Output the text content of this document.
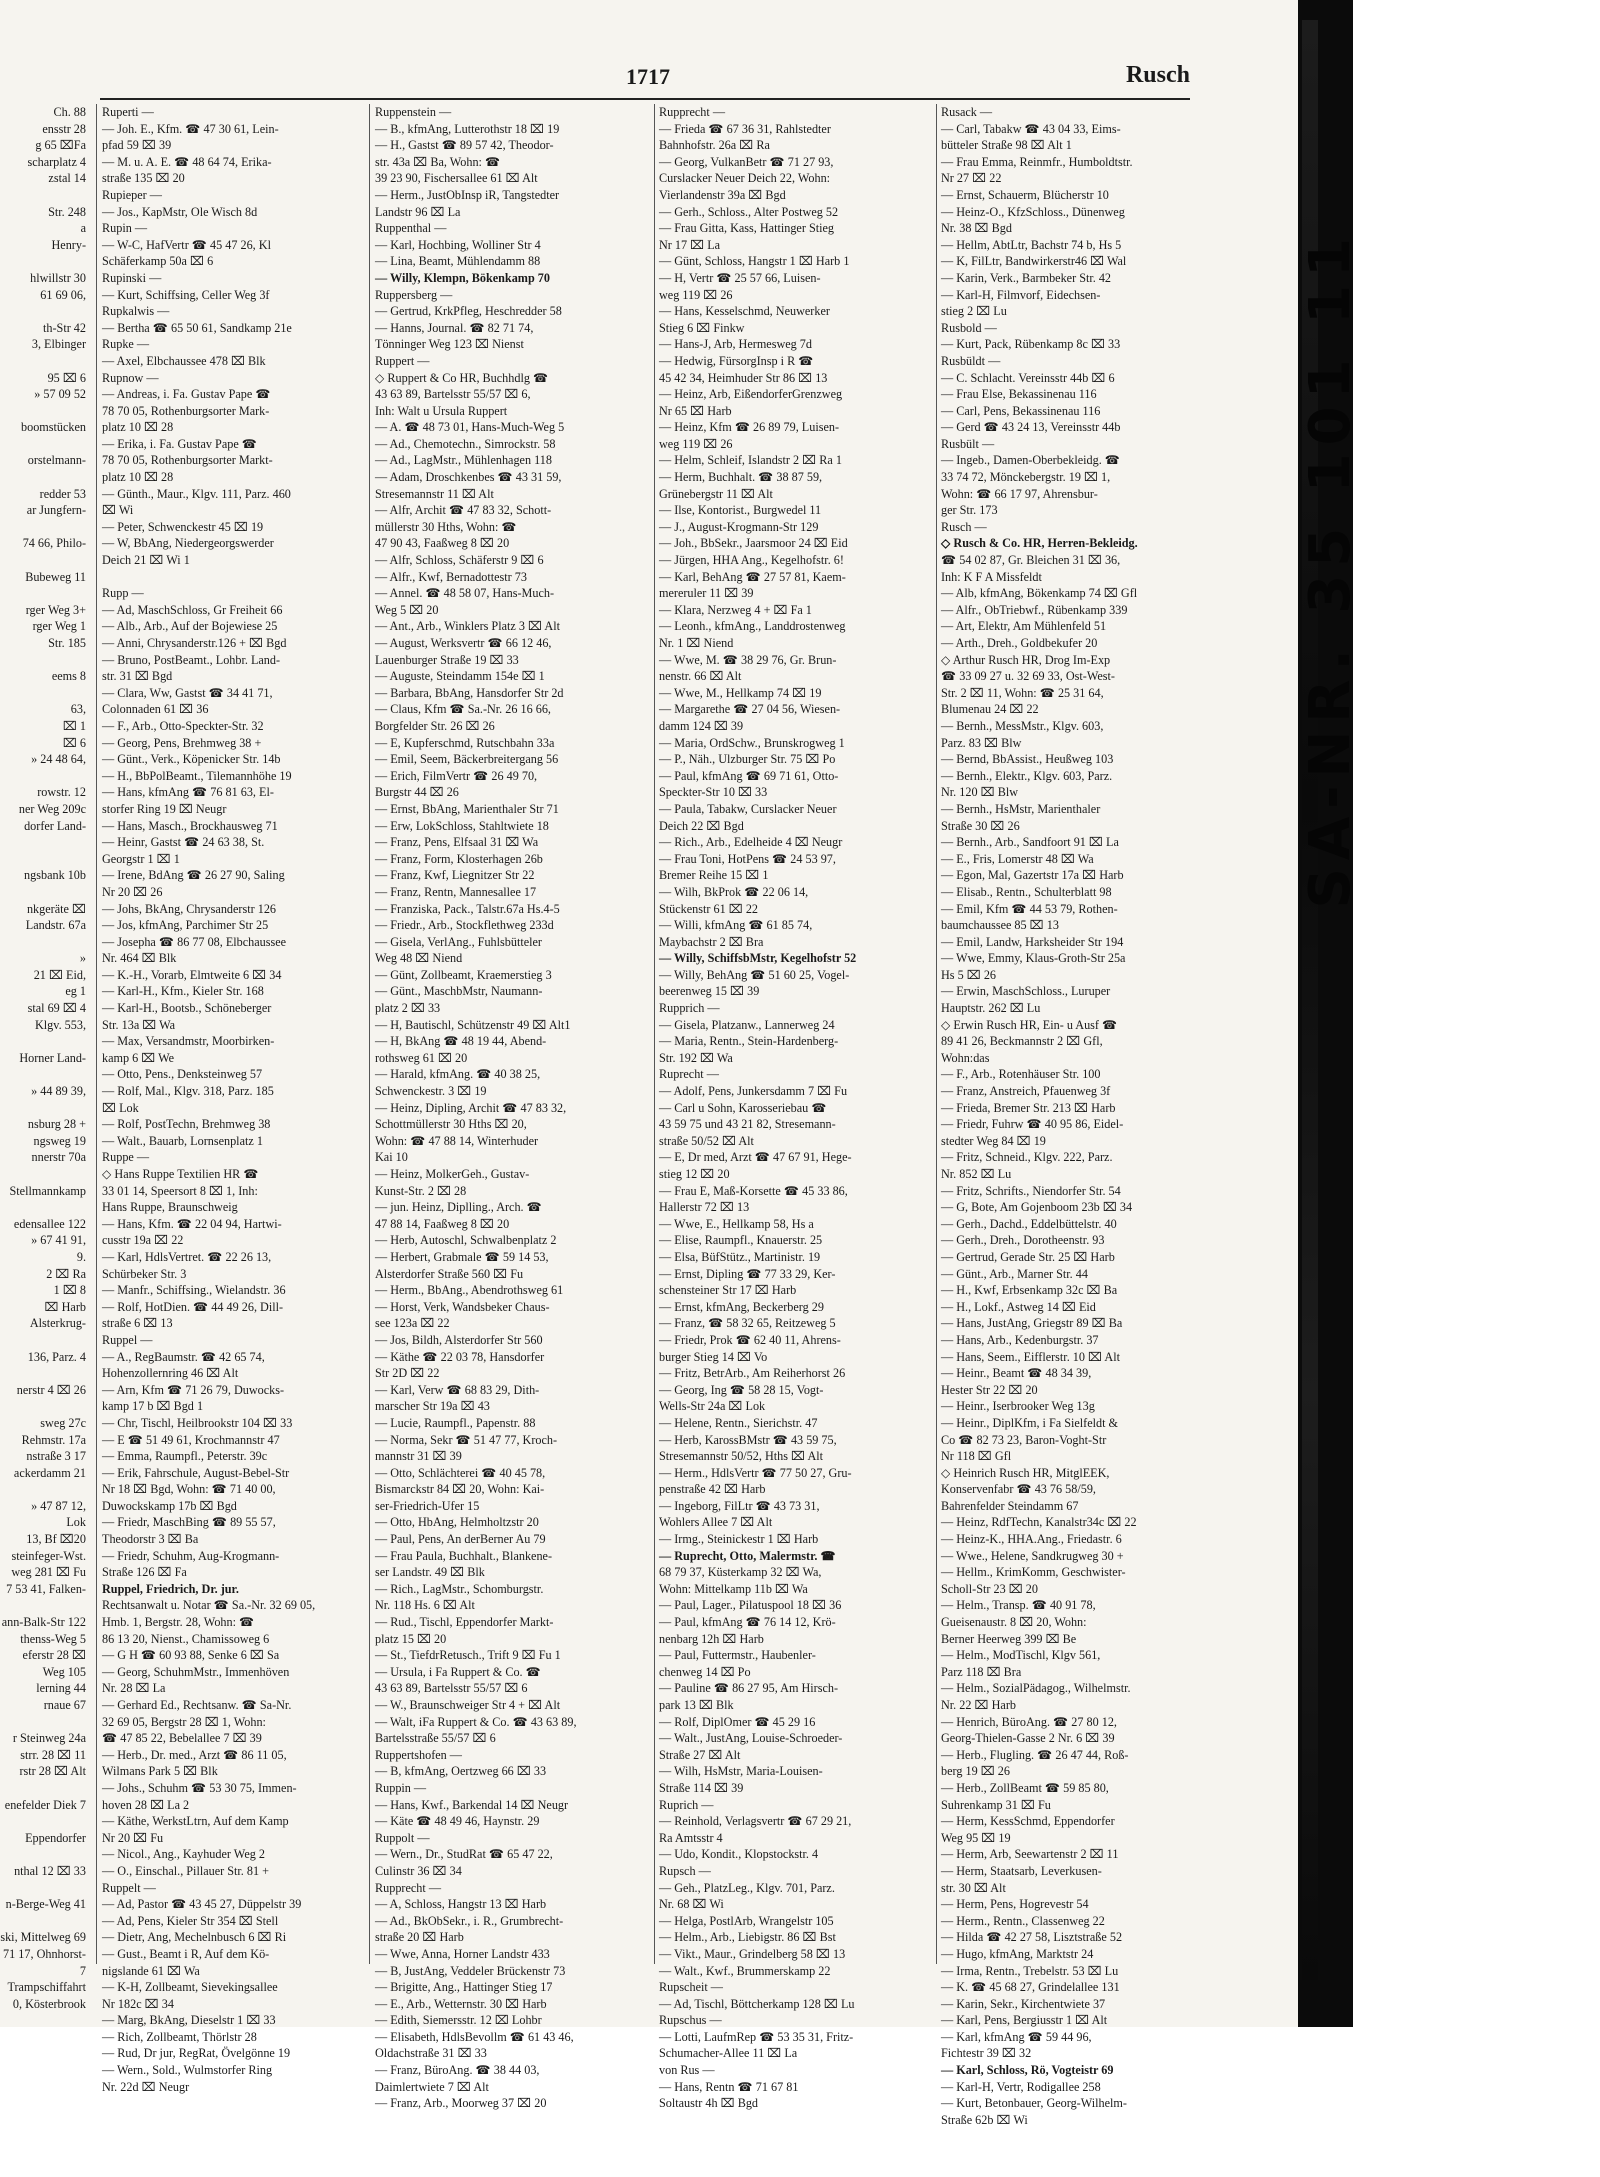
1717	Rusch
Ch. 88
ensstr 28
g 65 ⌧Fa
scharplatz 4
zstal 14

Str. 248
a
Henry-

hlwillstr 30
61 69 06,

th-Str 42
3, Elbinger

95 ⌧ 6
» 57 09 52

boomstücken

orstelmann-

redder 53
ar Jungfern-

74 66, Philo-

Bubeweg 11

rger Weg 3+
rger Weg 1
Str. 185

eems 8

63,
⌧ 1
⌧ 6
» 24 48 64,

rowstr. 12
ner Weg 209c
dorfer Land-

ngsbank 10b

nkgeräte ⌧
Landstr. 67a

»
21 ⌧ Eid,
eg 1
stal 69 ⌧ 4
Klgv. 553,

Horner Land-

» 44 89 39,

nsburg 28 +
ngsweg 19
nnerstr 70a

Stellmannkamp

edensallee 122
» 67 41 91,
9.
2 ⌧ Ra
1 ⌧ 8
⌧ Harb
Alsterkrug-

136, Parz. 4

nerstr 4 ⌧ 26

sweg 27c
Rehmstr. 17a
nstraße 3 17
ackerdamm 21

» 47 87 12,
Lok
13, Bf ⌧20
steinfeger-Wst.
weg 281 ⌧ Fu
7 53 41, Falken-

ann-Balk-Str 122
thenss-Weg 5
eferstr 28 ⌧
Weg 105
lerning 44
rnaue 67

r Steinweg 24a
strr. 28 ⌧ 11
rstr 28 ⌧ Alt

enefelder Diek 7

Eppendorfer

nthal 12 ⌧ 33

n-Berge-Weg 41

ski, Mittelweg 69
71 17, Ohnhorst-
7
Trampschiffahrt
0, Kösterbrook
Ruperti —
— Joh. E., Kfm. ☎ 47 30 61, Lein-
pfad 59 ⌧ 39
— M. u. A. E. ☎ 48 64 74, Erika-
straße 135 ⌧ 20
Rupieper —
— Jos., KapMstr, Ole Wisch 8d
Rupin —
— W-C, HafVertr ☎ 45 47 26, Kl
Schäferkamp 50a ⌧ 6
Rupinski —
— Kurt, Schiffsing, Celler Weg 3f
Rupkalwis —
— Bertha ☎ 65 50 61, Sandkamp 21e
Rupke —
— Axel, Elbchaussee 478 ⌧ Blk
Rupnow —
— Andreas, i. Fa. Gustav Pape ☎
78 70 05, Rothenburgsorter Mark-
platz 10 ⌧ 28
— Erika, i. Fa. Gustav Pape ☎
78 70 05, Rothenburgsorter Markt-
platz 10 ⌧ 28
— Günth., Maur., Klgv. 111, Parz. 460
⌧ Wi
— Peter, Schwenckestr 45 ⌧ 19
— W, BbAng, Niedergeorgswerder
Deich 21 ⌧ Wi 1

Rupp —
— Ad, MaschSchloss, Gr Freiheit 66
— Alb., Arb., Auf der Bojewiese 25
— Anni, Chrysanderstr.126 + ⌧ Bgd
— Bruno, PostBeamt., Lohbr. Land-
str. 31 ⌧ Bgd
— Clara, Ww, Gastst ☎ 34 41 71,
Colonnaden 61 ⌧ 36
— F., Arb., Otto-Speckter-Str. 32
— Georg, Pens, Brehmweg 38 +
— Günt., Verk., Köpenicker Str. 14b
— H., BbPolBeamt., Tilemannhöhe 19
— Hans, kfmAng ☎ 76 81 63, El-
storfer Ring 19 ⌧ Neugr
— Hans, Masch., Brockhausweg 71
— Heinr, Gastst ☎ 24 63 38, St.
Georgstr 1 ⌧ 1
— Irene, BdAng ☎ 26 27 90, Saling
Nr 20 ⌧ 26
— Johs, BkAng, Chrysanderstr 126
— Jos, kfmAng, Parchimer Str 25
— Josepha ☎ 86 77 08, Elbchaussee
Nr. 464 ⌧ Blk
— K.-H., Vorarb, Elmtweite 6 ⌧ 34
— Karl-H., Kfm., Kieler Str. 168
— Karl-H., Bootsb., Schöneberger
Str. 13a ⌧ Wa
— Max, Versandmstr, Moorbirken-
kamp 6 ⌧ We
— Otto, Pens., Denksteinweg 57
— Rolf, Mal., Klgv. 318, Parz. 185
⌧ Lok
— Rolf, PostTechn, Brehmweg 38
— Walt., Bauarb, Lornsenplatz 1
Ruppe —
◇ Hans Ruppe Textilien HR ☎
33 01 14, Speersort 8 ⌧ 1, Inh:
Hans Ruppe, Braunschweig
— Hans, Kfm. ☎ 22 04 94, Hartwi-
cusstr 19a ⌧ 22
— Karl, HdlsVertret. ☎ 22 26 13,
Schürbeker Str. 3
— Manfr., Schiffsing., Wielandstr. 36
— Rolf, HotDien. ☎ 44 49 26, Dill-
straße 6 ⌧ 13
Ruppel —
— A., RegBaumstr. ☎ 42 65 74,
Hohenzollernring 46 ⌧ Alt
— Arn, Kfm ☎ 71 26 79, Duwocks-
kamp 17 b ⌧ Bgd 1
— Chr, Tischl, Heilbrookstr 104 ⌧ 33
— E ☎ 51 49 61, Krochmannstr 47
— Emma, Raumpfl., Peterstr. 39c
— Erik, Fahrschule, August-Bebel-Str
Nr 18 ⌧ Bgd, Wohn: ☎ 71 40 00,
Duwockskamp 17b ⌧ Bgd
— Friedr, MaschBing ☎ 89 55 57,
Theodorstr 3 ⌧ Ba
— Friedr, Schuhm, Aug-Krogmann-
Straße 126 ⌧ Fa
Ruppel, Friedrich, Dr. jur.
Rechtsanwalt u. Notar ☎ Sa.-Nr. 32 69 05,
Hmb. 1, Bergstr. 28, Wohn: ☎
86 13 20, Nienst., Chamissoweg 6
— G H ☎ 60 93 88, Senke 6 ⌧ Sa
— Georg, SchuhmMstr., Immenhöven
Nr. 28 ⌧ La
— Gerhard Ed., Rechtsanw. ☎ Sa-Nr.
32 69 05, Bergstr 28 ⌧ 1, Wohn:
☎ 47 85 22, Bebelallee 7 ⌧ 39
— Herb., Dr. med., Arzt ☎ 86 11 05,
Wilmans Park 5 ⌧ Blk
— Johs., Schuhm ☎ 53 30 75, Immen-
hoven 28 ⌧ La 2
— Käthe, WerkstLtrn, Auf dem Kamp
Nr 20 ⌧ Fu
— Nicol., Ang., Kayhuder Weg 2
— O., Einschal., Pillauer Str. 81 +
Ruppelt —
— Ad, Pastor ☎ 43 45 27, Düppelstr 39
— Ad, Pens, Kieler Str 354 ⌧ Stell
— Dietr, Ang, Mechelnbusch 6 ⌧ Ri
— Gust., Beamt i R, Auf dem Kö-
nigslande 61 ⌧ Wa
— K-H, Zollbeamt, Sievekingsallee
Nr 182c ⌧ 34
— Marg, BkAng, Dieselstr 1 ⌧ 33
— Rich, Zollbeamt, Thörlstr 28
— Rud, Dr jur, RegRat, Övelgönne 19
— Wern., Sold., Wulmstorfer Ring
Nr. 22d ⌧ Neugr
Ruppenstein —
— B., kfmAng, Lutterothstr 18 ⌧ 19
— H., Gastst ☎ 89 57 42, Theodor-
str. 43a ⌧ Ba, Wohn: ☎
39 23 90, Fischersallee 61 ⌧ Alt
— Herm., JustObInsp iR, Tangstedter
Landstr 96 ⌧ La
Ruppenthal —
— Karl, Hochbing, Wolliner Str 4
— Lina, Beamt, Mühlendamm 88
— Willy, Klempn, Bökenkamp 70
Ruppersberg —
— Gertrud, KrkPfleg, Heschredder 58
— Hanns, Journal. ☎ 82 71 74,
Tönninger Weg 123 ⌧ Nienst
Ruppert —
◇ Ruppert & Co HR, Buchhdlg ☎
43 63 89, Bartelsstr 55/57 ⌧ 6,
Inh: Walt u Ursula Ruppert
— A. ☎ 48 73 01, Hans-Much-Weg 5
— Ad., Chemotechn., Simrockstr. 58
— Ad., LagMstr., Mühlenhagen 118
— Adam, Droschkenbes ☎ 43 31 59,
Stresemannstr 11 ⌧ Alt
— Alfr, Archit ☎ 47 83 32, Schott-
müllerstr 30 Hths, Wohn: ☎
47 90 43, Faaßweg 8 ⌧ 20
— Alfr, Schloss, Schäferstr 9 ⌧ 6
— Alfr., Kwf, Bernadottestr 73
— Annel. ☎ 48 58 07, Hans-Much-
Weg 5 ⌧ 20
— Ant., Arb., Winklers Platz 3 ⌧ Alt
— August, Werksvertr ☎ 66 12 46,
Lauenburger Straße 19 ⌧ 33
— Auguste, Steindamm 154e ⌧ 1
— Barbara, BbAng, Hansdorfer Str 2d
— Claus, Kfm ☎ Sa.-Nr. 26 16 66,
Borgfelder Str. 26 ⌧ 26
— E, Kupferschmd, Rutschbahn 33a
— Emil, Seem, Bäckerbreitergang 56
— Erich, FilmVertr ☎ 26 49 70,
Burgstr 44 ⌧ 26
— Ernst, BbAng, Marienthaler Str 71
— Erw, LokSchloss, Stahltwiete 18
— Franz, Pens, Elfsaal 31 ⌧ Wa
— Franz, Form, Klosterhagen 26b
— Franz, Kwf, Liegnitzer Str 22
— Franz, Rentn, Mannesallee 17
— Franziska, Pack., Talstr.67a Hs.4-5
— Friedr., Arb., Stockflethweg 233d
— Gisela, VerlAng., Fuhlsbütteler
Weg 48 ⌧ Niend
— Günt, Zollbeamt, Kraemerstieg 3
— Günt., MaschbMstr, Naumann-
platz 2 ⌧ 33
— H, Bautischl, Schützenstr 49 ⌧ Alt1
— H, BkAng ☎ 48 19 44, Abend-
rothsweg 61 ⌧ 20
— Harald, kfmAng. ☎ 40 38 25,
Schwenckestr. 3 ⌧ 19
— Heinz, Dipling, Archit ☎ 47 83 32,
Schottmüllerstr 30 Hths ⌧ 20,
Wohn: ☎ 47 88 14, Winterhuder
Kai 10
— Heinz, MolkerGeh., Gustav-
Kunst-Str. 2 ⌧ 28
— jun. Heinz, Diplling., Arch. ☎
47 88 14, Faaßweg 8 ⌧ 20
— Herb, Autoschl, Schwalbenplatz 2
— Herbert, Grabmale ☎ 59 14 53,
Alsterdorfer Straße 560 ⌧ Fu
— Herm., BbAng., Abendrothsweg 61
— Horst, Verk, Wandsbeker Chaus-
see 123a ⌧ 22
— Jos, Bildh, Alsterdorfer Str 560
— Käthe ☎ 22 03 78, Hansdorfer
Str 2D ⌧ 22
— Karl, Verw ☎ 68 83 29, Dith-
marscher Str 19a ⌧ 43
— Lucie, Raumpfl., Papenstr. 88
— Norma, Sekr ☎ 51 47 77, Kroch-
mannstr 31 ⌧ 39
— Otto, Schlächterei ☎ 40 45 78,
Bismarckstr 84 ⌧ 20, Wohn: Kai-
ser-Friedrich-Ufer 15
— Otto, HbAng, Helmholtzstr 20
— Paul, Pens, An derBerner Au 79
— Frau Paula, Buchhalt., Blankene-
ser Landstr. 49 ⌧ Blk
— Rich., LagMstr., Schomburgstr.
Nr. 118 Hs. 6 ⌧ Alt
— Rud., Tischl, Eppendorfer Markt-
platz 15 ⌧ 20
— St., TiefdrRetusch., Trift 9 ⌧ Fu 1
— Ursula, i Fa Ruppert & Co. ☎
43 63 89, Bartelsstr 55/57 ⌧ 6
— W., Braunschweiger Str 4 + ⌧ Alt
— Walt, iFa Ruppert & Co. ☎ 43 63 89,
Bartelsstraße 55/57 ⌧ 6
Ruppertshofen —
— B, kfmAng, Oertzweg 66 ⌧ 33
Ruppin —
— Hans, Kwf., Barkendal 14 ⌧ Neugr
— Käte ☎ 48 49 46, Haynstr. 29
Ruppolt —
— Wern., Dr., StudRat ☎ 65 47 22,
Culinstr 36 ⌧ 34
Rupprecht —
— A, Schloss, Hangstr 13 ⌧ Harb
— Ad., BkObSekr., i. R., Grumbrecht-
straße 20 ⌧ Harb
— Wwe, Anna, Horner Landstr 433
— B, JustAng, Veddeler Brückenstr 73
— Brigitte, Ang., Hattinger Stieg 17
— E., Arb., Wetternstr. 30 ⌧ Harb
— Edith, Siemersstr. 12 ⌧ Lohbr
— Elisabeth, HdlsBevollm ☎ 61 43 46,
Oldachstraße 31 ⌧ 33
— Franz, BüroAng. ☎ 38 44 03,
Daimlertwiete 7 ⌧ Alt
— Franz, Arb., Moorweg 37 ⌧ 20
Rupprecht —
— Frieda ☎ 67 36 31, Rahlstedter
Bahnhofstr. 26a ⌧ Ra
— Georg, VulkanBetr ☎ 71 27 93,
Curslacker Neuer Deich 22, Wohn:
Vierlandenstr 39a ⌧ Bgd
— Gerh., Schloss., Alter Postweg 52
— Frau Gitta, Kass, Hattinger Stieg
Nr 17 ⌧ La
— Günt, Schloss, Hangstr 1 ⌧ Harb 1
— H, Vertr ☎ 25 57 66, Luisen-
weg 119 ⌧ 26
— Hans, Kesselschmd, Neuwerker
Stieg 6 ⌧ Finkw
— Hans-J, Arb, Hermesweg 7d
— Hedwig, FürsorgInsp i R ☎
45 42 34, Heimhuder Str 86 ⌧ 13
— Heinz, Arb, EißendorferGrenzweg
Nr 65 ⌧ Harb
— Heinz, Kfm ☎ 26 89 79, Luisen-
weg 119 ⌧ 26
— Helm, Schleif, Islandstr 2 ⌧ Ra 1
— Herm, Buchhalt. ☎ 38 87 59,
Grünebergstr 11 ⌧ Alt
— Ilse, Kontorist., Burgwedel 11
— J., August-Krogmann-Str 129
— Joh., BbSekr., Jaarsmoor 24 ⌧ Eid
— Jürgen, HHA Ang., Kegelhofstr. 6!
— Karl, BehAng ☎ 27 57 81, Kaem-
mereruler 11 ⌧ 39
— Klara, Nerzweg 4 + ⌧ Fa 1
— Leonh., kfmAng., Landdrostenweg
Nr. 1 ⌧ Niend
— Wwe, M. ☎ 38 29 76, Gr. Brun-
nenstr. 66 ⌧ Alt
— Wwe, M., Hellkamp 74 ⌧ 19
— Margarethe ☎ 27 04 56, Wiesen-
damm 124 ⌧ 39
— Maria, OrdSchw., Brunskrogweg 1
— P., Näh., Ulzburger Str. 75 ⌧ Po
— Paul, kfmAng ☎ 69 71 61, Otto-
Speckter-Str 10 ⌧ 33
— Paula, Tabakw, Curslacker Neuer
Deich 22 ⌧ Bgd
— Rich., Arb., Edelheide 4 ⌧ Neugr
— Frau Toni, HotPens ☎ 24 53 97,
Bremer Reihe 15 ⌧ 1
— Wilh, BkProk ☎ 22 06 14,
Stückenstr 61 ⌧ 22
— Willi, kfmAng ☎ 61 85 74,
Maybachstr 2 ⌧ Bra
— Willy, SchiffsbMstr, Kegelhofstr 52
— Willy, BehAng ☎ 51 60 25, Vogel-
beerenweg 15 ⌧ 39
Rupprich —
— Gisela, Platzanw., Lannerweg 24
— Maria, Rentn., Stein-Hardenberg-
Str. 192 ⌧ Wa
Ruprecht —
— Adolf, Pens, Junkersdamm 7 ⌧ Fu
— Carl u Sohn, Karosseriebau ☎
43 59 75 und 43 21 82, Stresemann-
straße 50/52 ⌧ Alt
— E, Dr med, Arzt ☎ 47 67 91, Hege-
stieg 12 ⌧ 20
— Frau E, Maß-Korsette ☎ 45 33 86,
Hallerstr 72 ⌧ 13
— Wwe, E., Hellkamp 58, Hs a
— Elise, Raumpfl., Knauerstr. 25
— Elsa, BüfStütz., Martinistr. 19
— Ernst, Dipling ☎ 77 33 29, Ker-
schensteiner Str 17 ⌧ Harb
— Ernst, kfmAng, Beckerberg 29
— Franz, ☎ 58 32 65, Reitzeweg 5
— Friedr, Prok ☎ 62 40 11, Ahrens-
burger Stieg 14 ⌧ Vo
— Fritz, BetrArb., Am Reiherhorst 26
— Georg, Ing ☎ 58 28 15, Vogt-
Wells-Str 24a ⌧ Lok
— Helene, Rentn., Sierichstr. 47
— Herb, KarossBMstr ☎ 43 59 75,
Stresemannstr 50/52, Hths ⌧ Alt
— Herm., HdlsVertr ☎ 77 50 27, Gru-
penstraße 42 ⌧ Harb
— Ingeborg, FilLtr ☎ 43 73 31,
Wohlers Allee 7 ⌧ Alt
— Irmg., Steinickestr 1 ⌧ Harb
— Ruprecht, Otto, Malermstr. ☎
68 79 37, Küsterkamp 32 ⌧ Wa,
Wohn: Mittelkamp 11b ⌧ Wa
— Paul, Lager., Pilatuspool 18 ⌧ 36
— Paul, kfmAng ☎ 76 14 12, Krö-
nenbarg 12h ⌧ Harb
— Paul, Futtermstr., Haubenler-
chenweg 14 ⌧ Po
— Pauline ☎ 86 27 95, Am Hirsch-
park 13 ⌧ Blk
— Rolf, DiplOmer ☎ 45 29 16
— Walt., JustAng, Louise-Schroeder-
Straße 27 ⌧ Alt
— Wilh, HsMstr, Maria-Louisen-
Straße 114 ⌧ 39
Ruprich —
— Reinhold, Verlagsvertr ☎ 67 29 21,
Ra Amtsstr 4
— Udo, Kondit., Klopstockstr. 4
Rupsch —
— Geh., PlatzLeg., Klgv. 701, Parz.
Nr. 68 ⌧ Wi
— Helga, PostlArb, Wrangelstr 105
— Helm., Arb., Liebigstr. 86 ⌧ Bst
— Vikt., Maur., Grindelberg 58 ⌧ 13
— Walt., Kwf., Brummerskamp 22
Rupscheit —
— Ad, Tischl, Böttcherkamp 128 ⌧ Lu
Rupschus —
— Lotti, LaufmRep ☎ 53 35 31, Fritz-
Schumacher-Allee 11 ⌧ La
von Rus —
— Hans, Rentn ☎ 71 67 81
Soltaustr 4h ⌧ Bgd
Rusack —
— Carl, Tabakw ☎ 43 04 33, Eims-
bütteler Straße 98 ⌧ Alt 1
— Frau Emma, Reinmfr., Humboldtstr.
Nr 27 ⌧ 22
— Ernst, Schauerm, Blücherstr 10
— Heinz-O., KfzSchloss., Dünenweg
Nr. 38 ⌧ Bgd
— Hellm, AbtLtr, Bachstr 74 b, Hs 5
— K, FilLtr, Bandwirkerstr46 ⌧ Wal
— Karin, Verk., Barmbeker Str. 42
— Karl-H, Filmvorf, Eidechsen-
stieg 2 ⌧ Lu
Rusbold —
— Kurt, Pack, Rübenkamp 8c ⌧ 33
Rusbüldt —
— C. Schlacht. Vereinsstr 44b ⌧ 6
— Frau Else, Bekassinenau 116
— Carl, Pens, Bekassinenau 116
— Gerd ☎ 43 24 13, Vereinsstr 44b
Rusbült —
— Ingeb., Damen-Oberbekleidg. ☎
33 74 72, Mönckebergstr. 19 ⌧ 1,
Wohn: ☎ 66 17 97, Ahrensbur-
ger Str. 173
Rusch —
◇ Rusch & Co. HR, Herren-Bekleidg.
☎ 54 02 87, Gr. Bleichen 31 ⌧ 36,
Inh: K F A Missfeldt
— Alb, kfmAng, Bökenkamp 74 ⌧ Gfl
— Alfr., ObTriebwf., Rübenkamp 339
— Art, Elektr, Am Mühlenfeld 51
— Arth., Dreh., Goldbekufer 20
◇ Arthur Rusch HR, Drog Im-Exp
☎ 33 09 27 u. 32 69 33, Ost-West-
Str. 2 ⌧ 11, Wohn: ☎ 25 31 64,
Blumenau 24 ⌧ 22
— Bernh., MessMstr., Klgv. 603,
Parz. 83 ⌧ Blw
— Bernd, BbAssist., Heußweg 103
— Bernh., Elektr., Klgv. 603, Parz.
Nr. 120 ⌧ Blw
— Bernh., HsMstr, Marienthaler
Straße 30 ⌧ 26
— Bernh., Arb., Sandfoort 91 ⌧ La
— E., Fris, Lomerstr 48 ⌧ Wa
— Egon, Mal, Gazertstr 17a ⌧ Harb
— Elisab., Rentn., Schulterblatt 98
— Emil, Kfm ☎ 44 53 79, Rothen-
baumchaussee 85 ⌧ 13
— Emil, Landw, Harksheider Str 194
— Wwe, Emmy, Klaus-Groth-Str 25a
Hs 5 ⌧ 26
— Erwin, MaschSchloss., Luruper
Hauptstr. 262 ⌧ Lu
◇ Erwin Rusch HR, Ein- u Ausf ☎
89 41 26, Beckmannstr 2 ⌧ Gfl,
Wohn:das
— F., Arb., Rotenhäuser Str. 100
— Franz, Anstreich, Pfauenweg 3f
— Frieda, Bremer Str. 213 ⌧ Harb
— Friedr, Fuhrw ☎ 40 95 86, Eidel-
stedter Weg 84 ⌧ 19
— Fritz, Schneid., Klgv. 222, Parz.
Nr. 852 ⌧ Lu
— Fritz, Schrifts., Niendorfer Str. 54
— G, Bote, Am Gojenboom 23b ⌧ 34
— Gerh., Dachd., Eddelbüttelstr. 40
— Gerh., Dreh., Dorotheenstr. 93
— Gertrud, Gerade Str. 25 ⌧ Harb
— Günt., Arb., Marner Str. 44
— H., Kwf, Erbsenkamp 32c ⌧ Ba
— H., Lokf., Astweg 14 ⌧ Eid
— Hans, JustAng, Griegstr 89 ⌧ Ba
— Hans, Arb., Kedenburgstr. 37
— Hans, Seem., Eifflerstr. 10 ⌧ Alt
— Heinr., Beamt ☎ 48 34 39,
Hester Str 22 ⌧ 20
— Heinr., Iserbrooker Weg 13g
— Heinr., DiplKfm, i Fa Sielfeldt &
Co ☎ 82 73 23, Baron-Voght-Str
Nr 118 ⌧ Gfl
◇ Heinrich Rusch HR, MitglEEK,
Konservenfabr ☎ 43 76 58/59,
Bahrenfelder Steindamm 67
— Heinz, RdfTechn, Kanalstr34c ⌧ 22
— Heinz-K., HHA.Ang., Friedastr. 6
— Wwe., Helene, Sandkrugweg 30 +
— Hellm., KrimKomm, Geschwister-
Scholl-Str 23 ⌧ 20
— Helm., Transp. ☎ 40 91 78,
Gueisenaustr. 8 ⌧ 20, Wohn:
Berner Heerweg 399 ⌧ Be
— Helm., ModTischl, Klgv 561,
Parz 118 ⌧ Bra
— Helm., SozialPädagog., Wilhelmstr.
Nr. 22 ⌧ Harb
— Henrich, BüroAng. ☎ 27 80 12,
Georg-Thielen-Gasse 2 Nr. 6 ⌧ 39
— Herb., Flugling. ☎ 26 47 44, Roß-
berg 19 ⌧ 26
— Herb., ZollBeamt ☎ 59 85 80,
Suhrenkamp 31 ⌧ Fu
— Herm, KessSchmd, Eppendorfer
Weg 95 ⌧ 19
— Herm, Arb, Seewartenstr 2 ⌧ 11
— Herm, Staatsarb, Leverkusen-
str. 30 ⌧ Alt
— Herm, Pens, Hogrevestr 54
— Herm., Rentn., Classenweg 22
— Hilda ☎ 42 27 58, Lisztstraße 52
— Hugo, kfmAng, Marktstr 24
— Irma, Rentn., Trebelstr. 53 ⌧ Lu
— K. ☎ 45 68 27, Grindelallee 131
— Karin, Sekr., Kirchentwiete 37
— Karl, Pens, Bergiusstr 1 ⌧ Alt
— Karl, kfmAng ☎ 59 44 96,
Fichtestr 39 ⌧ 32
— Karl, Schloss, Rö, Vogteistr 69
— Karl-H, Vertr, Rodigallee 258
— Kurt, Betonbauer, Georg-Wilhelm-
Straße 62b ⌧ Wi
SA-NR. 35 101 11
